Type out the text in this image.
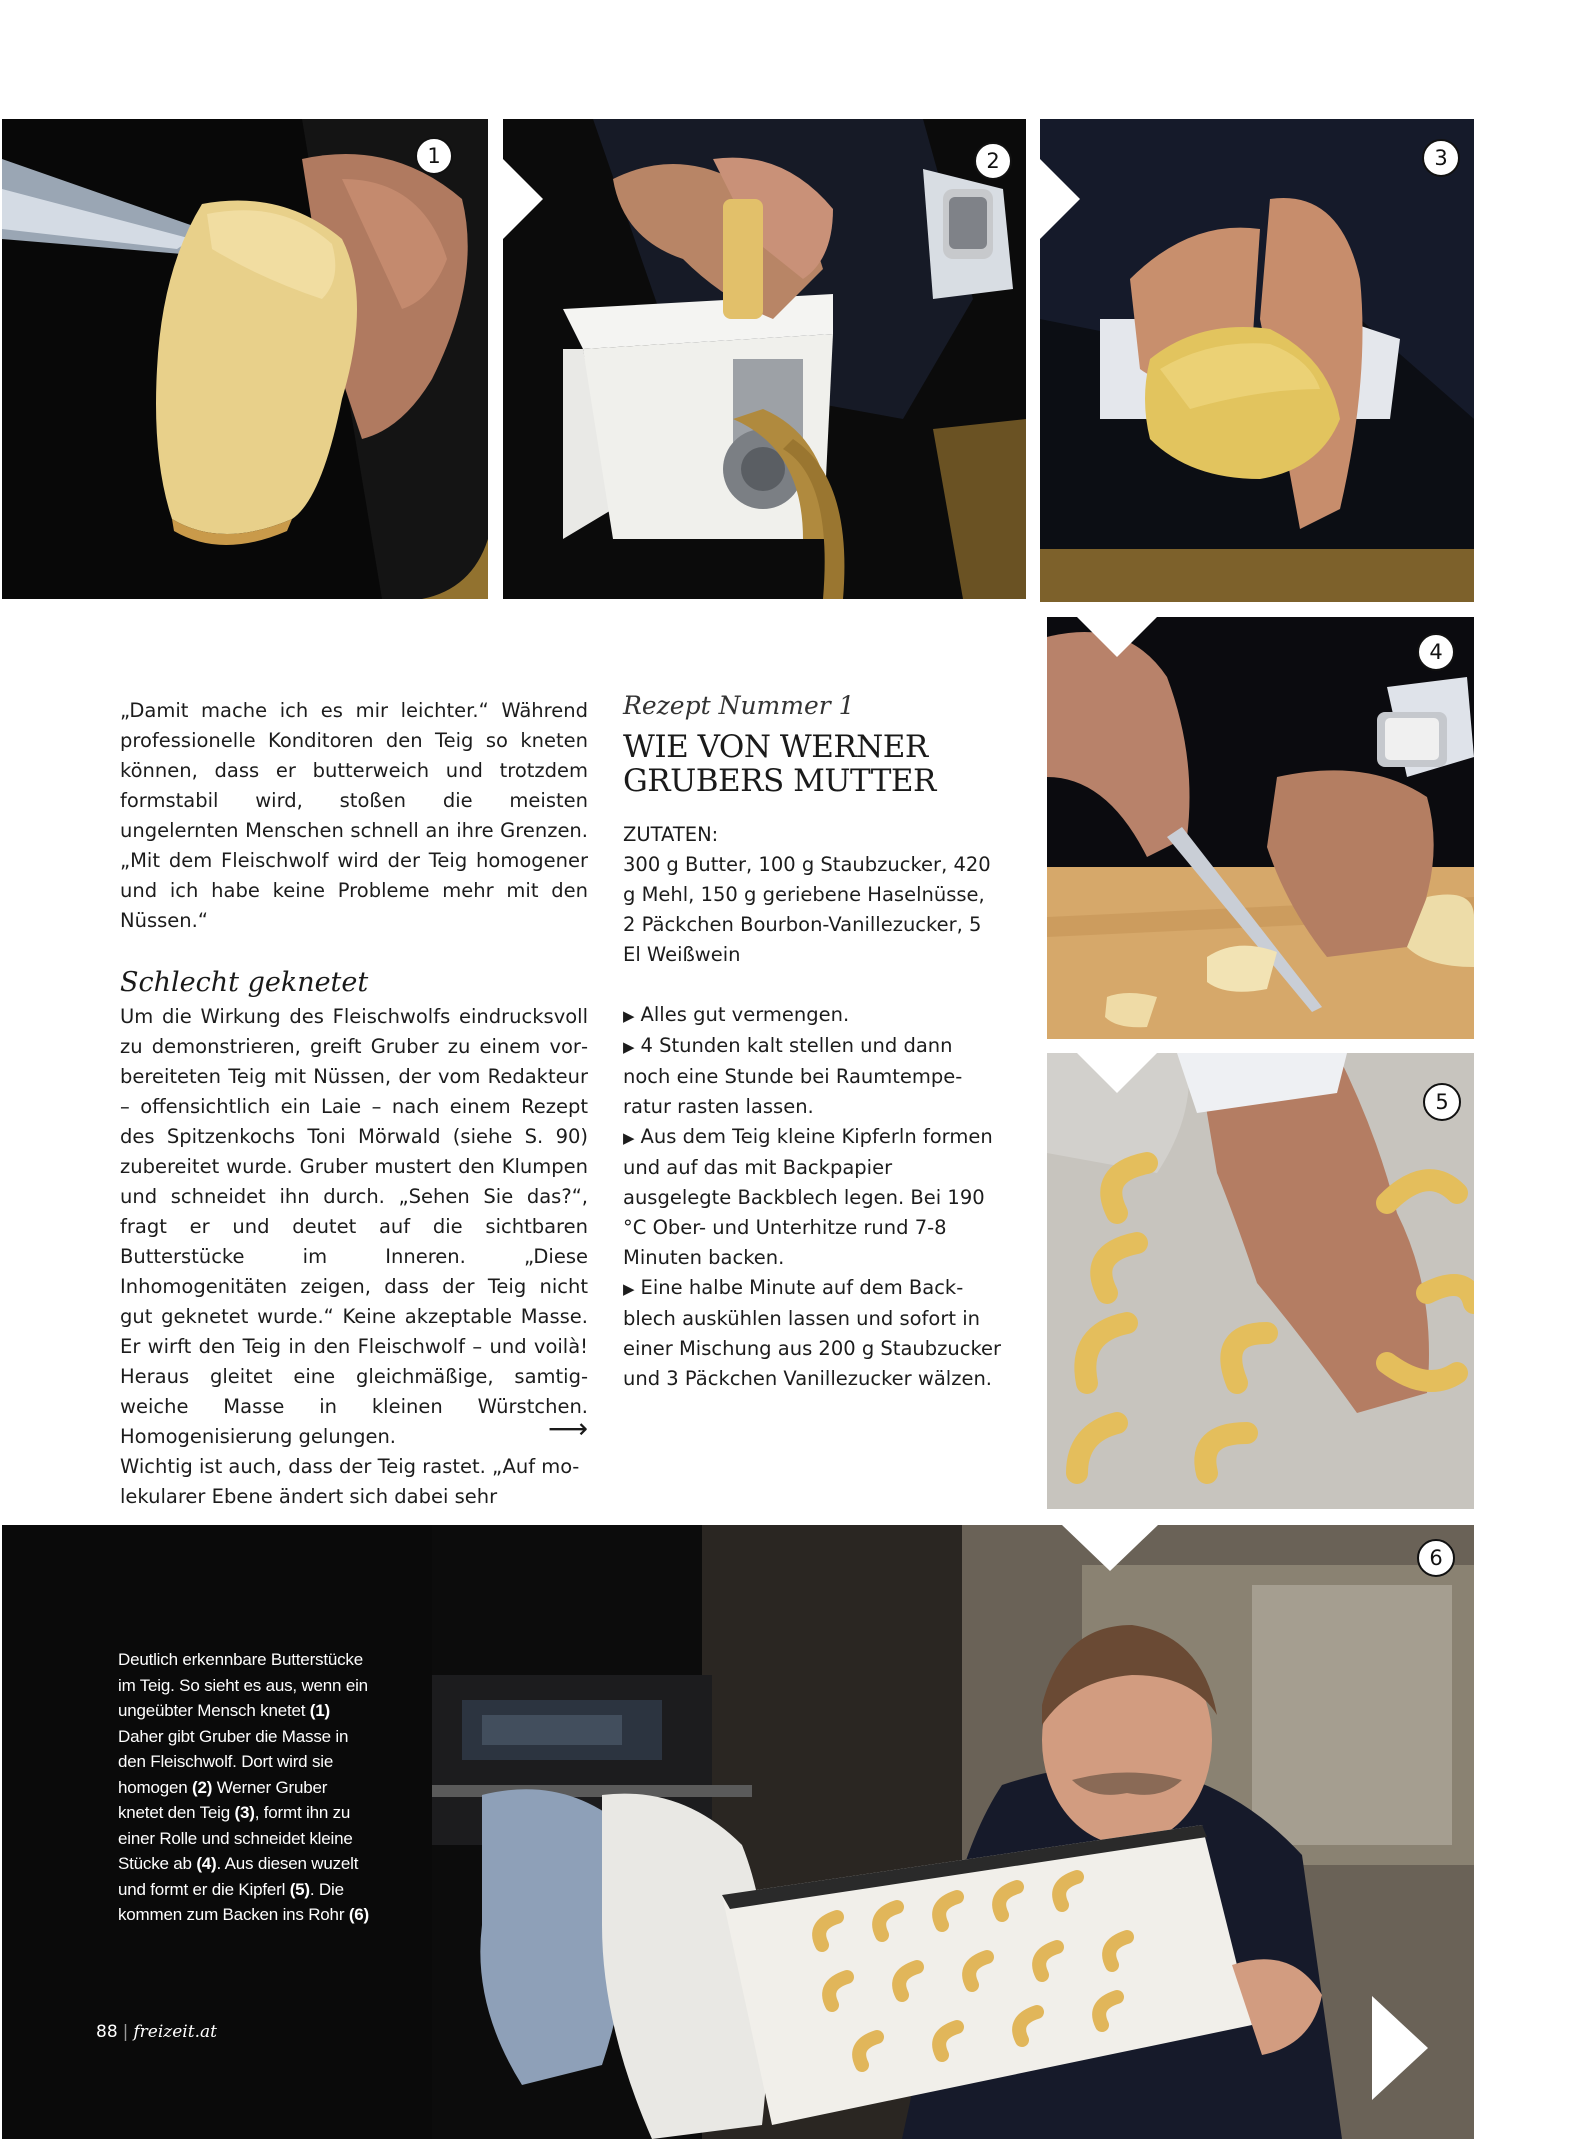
1	2	3
4
5

„Damit mache ich es mir leichter.“ Während professionelle Konditoren den Teig so kneten können, dass er butterweich und trotzdem formstabil wird, stoßen die meisten ungelernten Menschen schnell an ihre Grenzen. „Mit dem Fleischwolf wird der Teig homogener und ich habe keine Probleme mehr mit den Nüssen.“

Schlecht geknetet

Um die Wirkung des Fleischwolfs eindrucksvoll zu demonstrieren, greift Gruber zu einem vorbereiteten Teig mit Nüssen, der vom Redakteur – offensichtlich ein Laie – nach einem Rezept des Spitzenkochs Toni Mörwald (siehe S. 90) zubereitet wurde. Gruber mustert den Klumpen und schneidet ihn durch. „Sehen Sie das?“, fragt er und deutet auf die sichtbaren Butterstücke im Inneren. „Diese Inhomogenitäten zeigen, dass der Teig nicht gut geknetet wurde.“ Keine akzeptable Masse. Er wirft den Teig in den Fleischwolf – und voilà! Heraus gleitet eine gleichmäßige, samtig-weiche Masse in kleinen Würstchen. Homogenisierung gelungen.

Wichtig ist auch, dass der Teig rastet. „Auf molekularer Ebene ändert sich dabei sehr

⟶
Rezept Nummer 1
WIE VON WERNER
GRUBERS MUTTER
ZUTATEN:
300 g Butter, 100 g Staubzucker, 420 g Mehl, 150 g geriebene Haselnüsse, 2 Päckchen Bourbon-Vanillezucker, 5 El Weißwein
▶ Alles gut vermengen.
▶ 4 Stunden kalt stellen und dann noch eine Stunde bei Raumtemperatur rasten lassen.
▶ Aus dem Teig kleine Kipferln formen und auf das mit Backpapier ausgelegte Backblech legen. Bei 190 °C Ober- und Unterhitze rund 7-8 Minuten backen.
▶ Eine halbe Minute auf dem Backblech auskühlen lassen und sofort in einer Mischung aus 200 g Staubzucker und 3 Päckchen Vanillezucker wälzen.
6
Deutlich erkennbare Butterstücke im Teig. So sieht es aus, wenn ein ungeübter Mensch knetet (1) Daher gibt Gruber die Masse in den Fleischwolf. Dort wird sie homogen (2) Werner Gruber knetet den Teig (3), formt ihn zu einer Rolle und schneidet kleine Stücke ab (4). Aus diesen wuzelt und formt er die Kipferl (5). Die kommen zum Backen ins Rohr (6)
88 | freizeit.at
